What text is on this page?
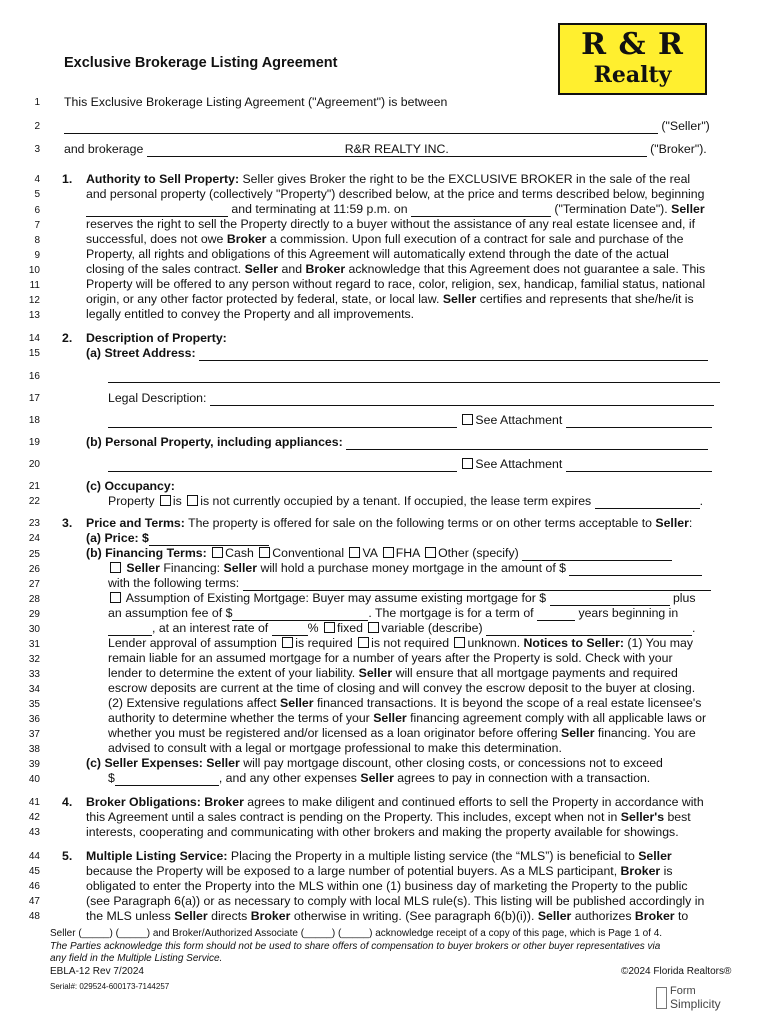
Exclusive Brokerage Listing Agreement
R & R
Realty
1
2
3
4
5
6
7
8
9
10
11
12
13
14
15
16
17
18
19
20
21
22
23
24
25
26
27
28
29
30
31
32
33
34
35
36
37
38
39
40
41
42
43
44
45
46
47
48
This Exclusive Brokerage Listing Agreement ("Agreement") is between
("Seller")
and brokerage	R&R REALTY INC.	("Broker").
1. Authority to Sell Property: Seller gives Broker the right to be the EXCLUSIVE BROKER in the sale of the real
and personal property (collectively "Property") described below, at the price and terms described below, beginning
and terminating at 11:59 p.m. on	("Termination Date"). Seller
reserves the right to sell the Property directly to a buyer without the assistance of any real estate licensee and, if
successful, does not owe Broker a commission. Upon full execution of a contract for sale and purchase of the
Property, all rights and obligations of this Agreement will automatically extend through the date of the actual
closing of the sales contract. Seller and Broker acknowledge that this Agreement does not guarantee a sale. This
Property will be offered to any person without regard to race, color, religion, sex, handicap, familial status, national
origin, or any other factor protected by federal, state, or local law. Seller certifies and represents that she/he/it is
legally entitled to convey the Property and all improvements.
2. Description of Property:
(a) Street Address:
Legal Description:
See Attachment
(b) Personal Property, including appliances:
See Attachment
(c) Occupancy:
Property is is not currently occupied by a tenant. If occupied, the lease term expires	.
3. Price and Terms: The property is offered for sale on the following terms or on other terms acceptable to Seller:
(a) Price: $
(b) Financing Terms: Cash Conventional VA FHA Other (specify)
Seller Financing: Seller will hold a purchase money mortgage in the amount of $
with the following terms:
Assumption of Existing Mortgage: Buyer may assume existing mortgage for $	plus
an assumption fee of $	. The mortgage is for a term of	years beginning in
, at an interest rate of	% fixed variable (describe)	.
Lender approval of assumption is required is not required unknown. Notices to Seller: (1) You may
remain liable for an assumed mortgage for a number of years after the Property is sold. Check with your
lender to determine the extent of your liability. Seller will ensure that all mortgage payments and required
escrow deposits are current at the time of closing and will convey the escrow deposit to the buyer at closing.
(2) Extensive regulations affect Seller financed transactions. It is beyond the scope of a real estate licensee's
authority to determine whether the terms of your Seller financing agreement comply with all applicable laws or
whether you must be registered and/or licensed as a loan originator before offering Seller financing. You are
advised to consult with a legal or mortgage professional to make this determination.
(c) Seller Expenses: Seller will pay mortgage discount, other closing costs, or concessions not to exceed
$	, and any other expenses Seller agrees to pay in connection with a transaction.
4. Broker Obligations: Broker agrees to make diligent and continued efforts to sell the Property in accordance with
this Agreement until a sales contract is pending on the Property. This includes, except when not in Seller's best
interests, cooperating and communicating with other brokers and making the property available for showings.
5. Multiple Listing Service: Placing the Property in a multiple listing service (the “MLS”) is beneficial to Seller
because the Property will be exposed to a large number of potential buyers. As a MLS participant, Broker is
obligated to enter the Property into the MLS within one (1) business day of marketing the Property to the public
(see Paragraph 6(a)) or as necessary to comply with local MLS rule(s). This listing will be published accordingly in
the MLS unless Seller directs Broker otherwise in writing. (See paragraph 6(b)(i)). Seller authorizes Broker to
Seller (_____) (_____) and Broker/Authorized Associate (_____) (_____) acknowledge receipt of a copy of this page, which is Page 1 of 4.
The Parties acknowledge this form should not be used to share offers of compensation to buyer brokers or other buyer representatives via
any field in the Multiple Listing Service.
EBLA-12 Rev 7/2024	©2024 Florida Realtors®
Serial#: 029524-600173-7144257	Form
Simplicity
